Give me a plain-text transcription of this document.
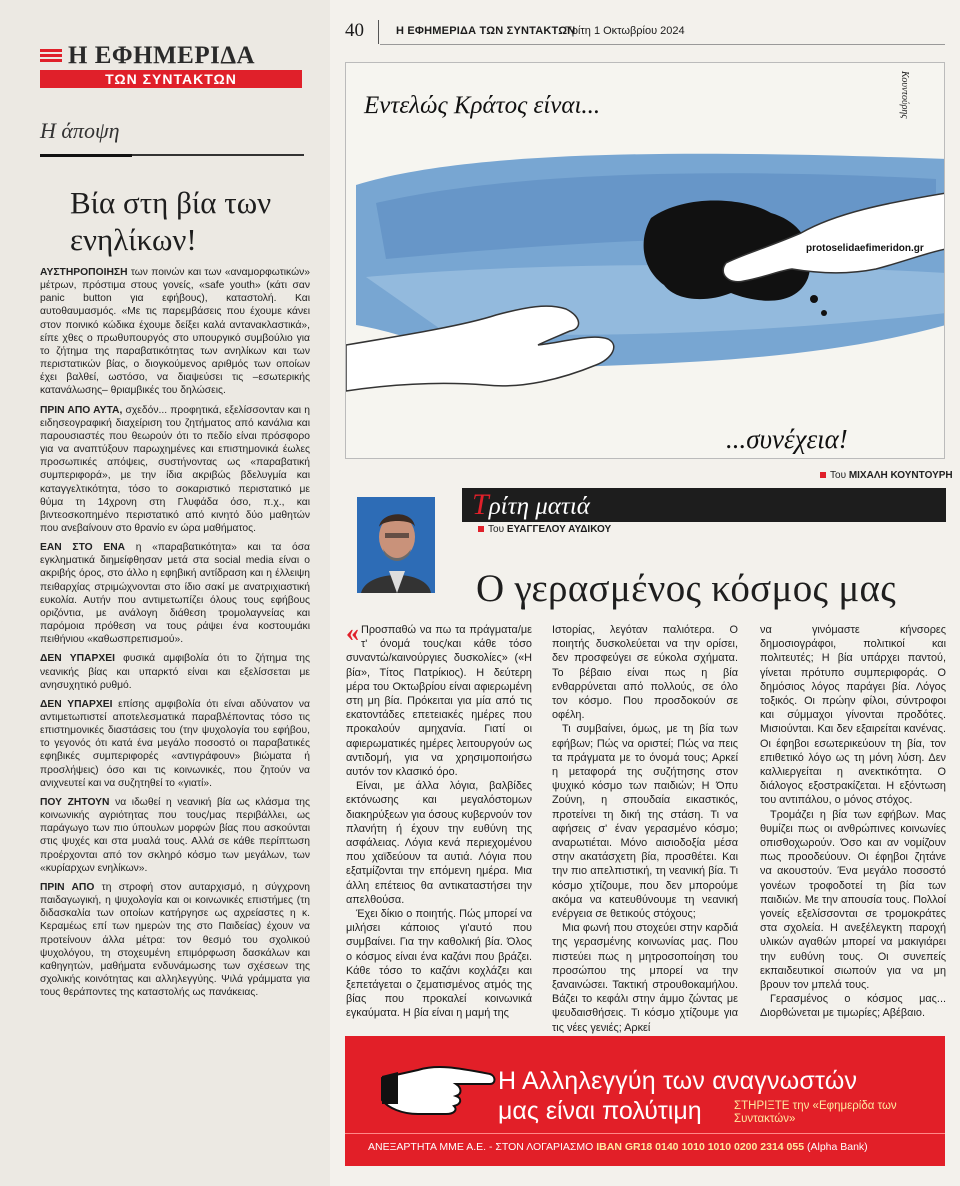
Η ΕΦΗΜΕΡΙΔΑ
ΤΩΝ ΣΥΝΤΑΚΤΩΝ
Η άποψη
Βία στη βία των ενηλίκων!

ΑΥΣΤΗΡΟΠΟΙΗΣΗ των ποινών και των «αναμορφωτικών» μέτρων, πρόστιμα στους γονείς, «safe youth» (κάτι σαν panic button για εφήβους), καταστολή. Και αυτοθαυμασμός. «Με τις παρεμβάσεις που έχουμε κάνει στον ποινικό κώδικα έχουμε δείξει καλά αντανακλαστικά», είπε χθες ο πρωθυπουργός στο υπουργικό συμβούλιο για το ζήτημα της παραβατικότητας των ανηλίκων και των περιστατικών βίας, ο διογκούμενος αριθμός των οποίων έχει βαλθεί, ωστόσο, να διαψεύσει τις –εσωτερικής κατανάλωσης– θριαμβικές του δηλώσεις.

ΠΡΙΝ ΑΠΟ ΑΥΤΑ, σχεδόν... προφητικά, εξελίσσονταν και η ειδησεογραφική διαχείριση του ζητήματος από κανάλια και παρουσιαστές που θεωρούν ότι το πεδίο είναι πρόσφορο για να αναπτύξουν παρωχημένες και επιστημονικά έωλες προσωπικές απόψεις, συστήνοντας ως «παραβατική συμπεριφορά», με την ίδια ακριβώς βδελυγμία και καταγγελτικότητα, τόσο το σοκαριστικό περιστατικό με θύμα τη 14χρονη στη Γλυφάδα όσο, π.χ., και βιντεοσκοπημένο περιστατικό από κινητό δύο μαθητών που ανεβαίνουν στο θρανίο εν ώρα μαθήματος.

ΕΑΝ ΣΤΟ ΕΝΑ η «παραβατικότητα» και τα όσα εγκληματικά διημείφθησαν μετά στα social media είναι ο ακριβής όρος, στο άλλο η εφηβική αντίδραση και η έλλειψη πειθαρχίας στριμώχνονται στο ίδιο σακί με ανατριχιαστική ευκολία. Αυτήν που αντιμετωπίζει όλους τους εφήβους οριζόντια, με ανάλογη διάθεση τρομολαγνείας και παρόμοια πρόθεση να τους ράψει ένα κοστουμάκι πειθήνιου «καθωσπρεπισμού».

ΔΕΝ ΥΠΑΡΧΕΙ φυσικά αμφιβολία ότι το ζήτημα της νεανικής βίας και υπαρκτό είναι και εξελίσσεται με ανησυχητικό ρυθμό.

ΔΕΝ ΥΠΑΡΧΕΙ επίσης αμφιβολία ότι είναι αδύνατον να αντιμετωπιστεί αποτελεσματικά παραβλέποντας τόσο τις επιστημονικές διαστάσεις του (την ψυχολογία του εφήβου, το γεγονός ότι κατά ένα μεγάλο ποσοστό οι παραβατικές εφηβικές συμπεριφορές «αντιγράφουν» βιώματα ή προσλήψεις) όσο και τις κοινωνικές, που ζητούν να ανιχνευτεί και να συζητηθεί το «γιατί».

ΠΟΥ ΖΗΤΟΥΝ να ιδωθεί η νεανική βία ως κλάσμα της κοινωνικής αγριότητας που τους/μας περιβάλλει, ως παράγωγο των πιο ύπουλων μορφών βίας που ασκούνται στις ψυχές και στα μυαλά τους. Αλλά σε κάθε περίπτωση προέρχονται από τον σκληρό κόσμο των μεγάλων, των «κυρίαρχων ενηλίκων».

ΠΡΙΝ ΑΠΟ τη στροφή στον αυταρχισμό, η σύγχρονη παιδαγωγική, η ψυχολογία και οι κοινωνικές επιστήμες (τη διδασκαλία των οποίων κατήργησε ως αχρείαστες η κ. Κεραμέως επί των ημερών της στο Παιδείας) έχουν να προτείνουν άλλα μέτρα: τον θεσμό του σχολικού ψυχολόγου, τη στοχευμένη επιμόρφωση δασκάλων και καθηγητών, μαθήματα ενδυνάμωσης των σχέσεων της σχολικής κοινότητας και αλληλεγγύης. Ψιλά γράμματα για τους θεράποντες της καταστολής ως πανάκειας.

40	Η ΕΦΗΜΕΡΙΔΑ ΤΩΝ ΣΥΝΤΑΚΤΩΝ
Τρίτη 1 Οκτωβρίου 2024
Εντελώς Κράτος είναι...	Κουντούρης
...συνέχεια!
protoselidaefimeridon.gr
Του ΜΙΧΑΛΗ ΚΟΥΝΤΟΥΡΗ
Τρίτη ματιά
Του ΕΥΑΓΓΕΛΟΥ ΑΥΔΙΚΟΥ
Ο γερασμένος κόσμος μας

« Προσπαθώ να πω τα πράγματα/με τ' όνομά τους/και κάθε τόσο συναντώ/καινούργιες δυσκολίες» («Η βία», Τίτος Πατρίκιος). Η δεύτερη μέρα του Οκτωβρίου είναι αφιερωμένη στη μη βία. Πρόκειται για μία από τις εκατοντάδες επετειακές ημέρες που προκαλούν αμηχανία. Γιατί οι αφιερωματικές ημέρες λειτουργούν ως αντιδομή, για να χρησιμοποιήσω αυτόν τον κλασικό όρο.

Είναι, με άλλα λόγια, βαλβίδες εκτόνωσης και μεγαλόστομων διακηρύξεων για όσους κυβερνούν τον πλανήτη ή έχουν την ευθύνη της ασφάλειας. Λόγια κενά περιεχομένου που χαϊδεύουν τα αυτιά. Λόγια που εξατμίζονται την επόμενη ημέρα. Μια άλλη επέτειος θα αντικαταστήσει την απελθούσα.

Έχει δίκιο ο ποιητής. Πώς μπορεί να μιλήσει κάποιος γι'αυτό που συμβαίνει. Για την καθολική βία. Όλος ο κόσμος είναι ένα καζάνι που βράζει. Κάθε τόσο το καζάνι κοχλάζει και ξεπετάγεται ο ζεματισμένος ατμός της βίας που προκαλεί κοινωνικά εγκαύματα. Η βία είναι η μαμή της

Ιστορίας, λεγόταν παλιότερα. Ο ποιητής δυσκολεύεται να την ορίσει, δεν προσφεύγει σε εύκολα σχήματα. Το βέβαιο είναι πως η βία ενθαρρύνεται από πολλούς, σε όλο τον κόσμο. Που προσδοκούν σε οφέλη.

Τι συμβαίνει, όμως, με τη βία των εφήβων; Πώς να οριστεί; Πώς να πεις τα πράγματα με το όνομά τους; Αρκεί η μεταφορά της συζήτησης στον ψυχικό κόσμο των παιδιών; Η Όπυ Ζούνη, η σπουδαία εικαστικός, προτείνει τη δική της στάση. Τι να αφήσεις σ' έναν γερασμένο κόσμο; αναρωτιέται. Μόνο αισιοδοξία μέσα στην ακατάσχετη βία, προσθέτει. Και την πιο απελπιστική, τη νεανική βία. Τι κόσμο χτίζουμε, που δεν μπορούμε ακόμα να κατευθύνουμε τη νεανική ενέργεια σε θετικούς στόχους;

Μια φωνή που στοχεύει στην καρδιά της γερασμένης κοινωνίας μας. Που πιστεύει πως η μητροσοποίηση του προσώπου της μπορεί να την ξαναινώσει. Τακτική στρουθοκαμήλου. Βάζει το κεφάλι στην άμμο ζώντας με ψευδαισθήσεις. Τι κόσμο χτίζουμε για τις νέες γενιές; Αρκεί

να γινόμαστε κήνσορες δημοσιογράφοι, πολιτικοί και πολιτευτές; Η βία υπάρχει παντού, γίνεται πρότυπο συμπεριφοράς. Ο δημόσιος λόγος παράγει βία. Λόγος τοξικός. Οι πρώην φίλοι, σύντροφοι και σύμμαχοι γίνονται προδότες. Μισιούνται. Και δεν εξαιρείται κανένας. Οι έφηβοι εσωτερικεύουν τη βία, τον επιθετικό λόγο ως τη μόνη λύση. Δεν καλλιεργείται η ανεκτικότητα. Ο διάλογος εξοστρακίζεται. Η εξόντωση του αντιπάλου, ο μόνος στόχος.

Τρομάζει η βία των εφήβων. Μας θυμίζει πως οι ανθρώπινες κοινωνίες οπισθοχωρούν. Όσο και αν νομίζουν πως προοδεύουν. Οι έφηβοι ζητάνε να ακουστούν. Ένα μεγάλο ποσοστό γονέων τροφοδοτεί τη βία των παιδιών. Με την απουσία τους. Πολλοί γονείς εξελίσσονται σε τρομοκράτες στα σχολεία. Η ανεξέλεγκτη παροχή υλικών αγαθών μπορεί να μακιγιάρει την ευθύνη τους. Οι συνεπείς εκπαιδευτικοί σιωπούν για να μη βρουν τον μπελά τους.

Γερασμένος ο κόσμος μας... Διορθώνεται με τιμωρίες; Αβέβαιο.

Η Αλληλεγγύη των αναγνωστών
μας είναι πολύτιμη	ΣΤΗΡΙΞΤΕ την «Εφημερίδα των Συντακτών»
ΑΝΕΞΑΡΤΗΤΑ ΜΜΕ Α.Ε. - ΣΤΟΝ ΛΟΓΑΡΙΑΣΜΟ IBAN GR18 0140 1010 1010 0200 2314 055 (Alpha Bank)
